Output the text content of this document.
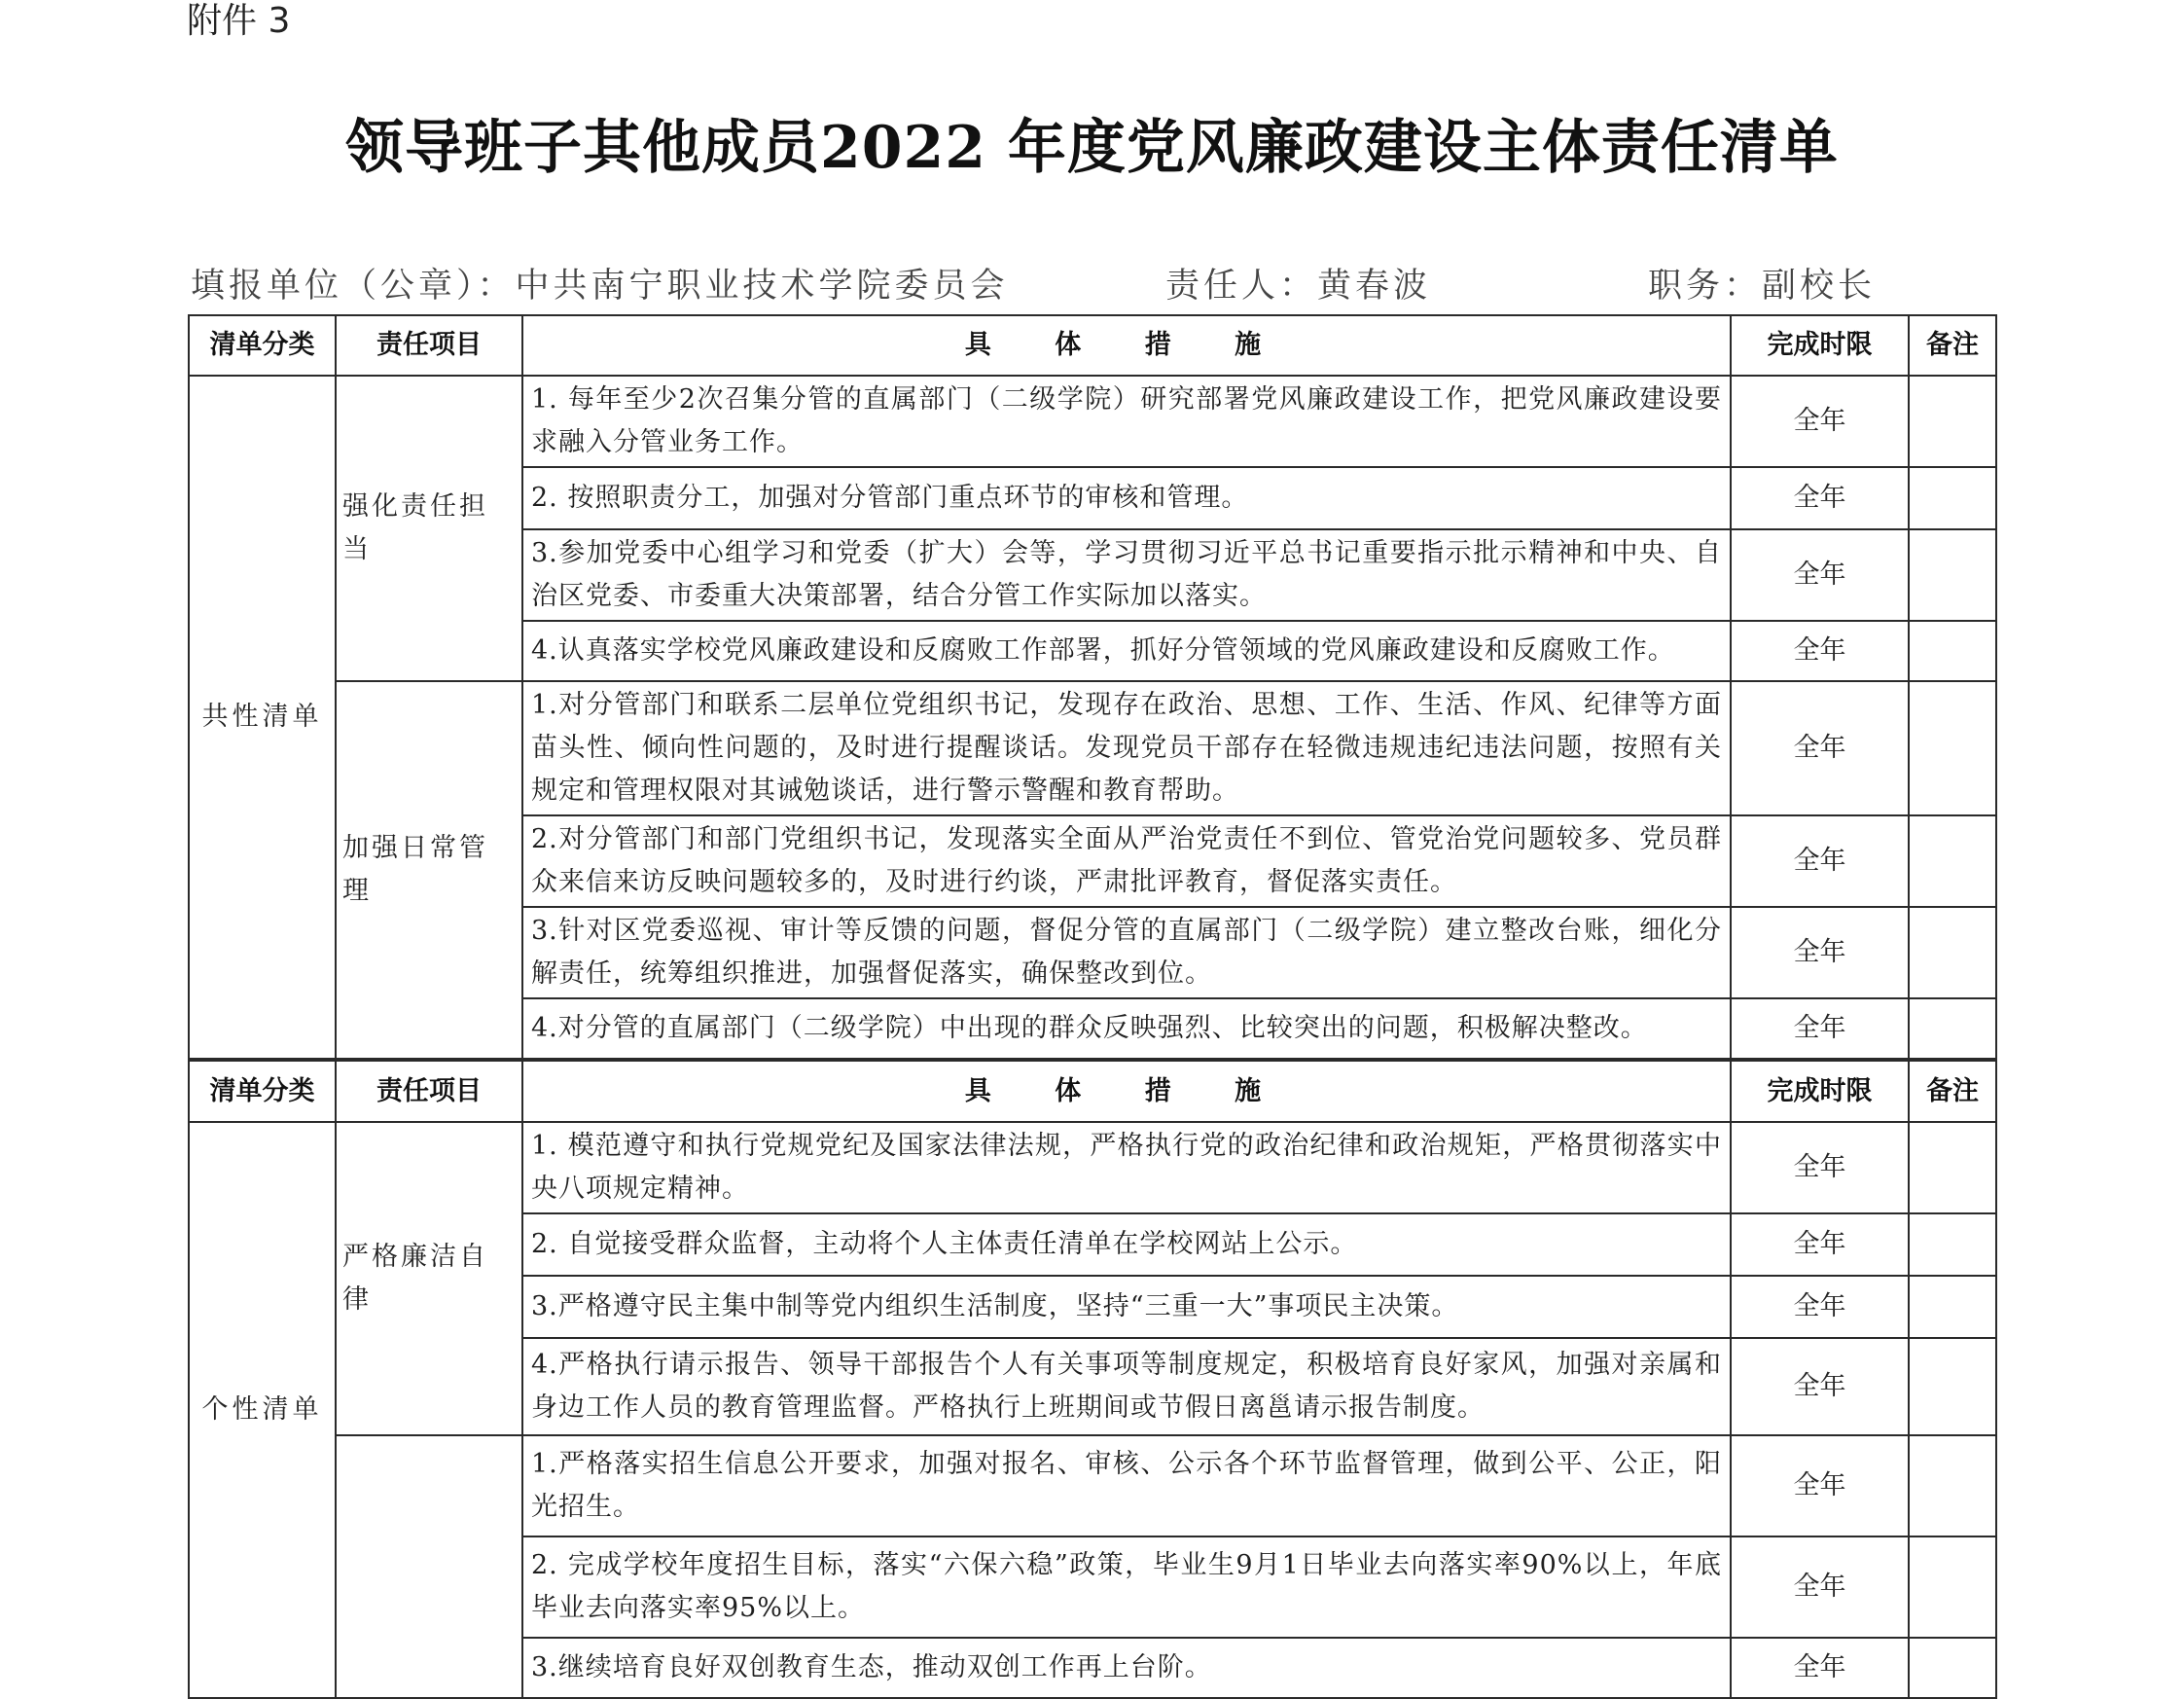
附件 3
领导班子其他成员2022 年度党风廉政建设主体责任清单
填报单位（公章）：中共南宁职业技术学院委员会	责任人：黄春波	职务：副校长
清单分类	责任项目	具 体 措 施	完成时限	备注
共性清单	强化责任担当	1. 每年至少2次召集分管的直属部门（二级学院）研究部署党风廉政建设工作，把党风廉政建设要求融入分管业务工作。	全年	
		2. 按照职责分工，加强对分管部门重点环节的审核和管理。	全年	
		3.参加党委中心组学习和党委（扩大）会等，学习贯彻习近平总书记重要指示批示精神和中央、自治区党委、市委重大决策部署，结合分管工作实际加以落实。	全年	
		4.认真落实学校党风廉政建设和反腐败工作部署，抓好分管领域的党风廉政建设和反腐败工作。	全年	
	加强日常管理	1.对分管部门和联系二层单位党组织书记，发现存在政治、思想、工作、生活、作风、纪律等方面苗头性、倾向性问题的，及时进行提醒谈话。发现党员干部存在轻微违规违纪违法问题，按照有关规定和管理权限对其诫勉谈话，进行警示警醒和教育帮助。	全年	
		2.对分管部门和部门党组织书记，发现落实全面从严治党责任不到位、管党治党问题较多、党员群众来信来访反映问题较多的，及时进行约谈，严肃批评教育，督促落实责任。	全年	
		3.针对区党委巡视、审计等反馈的问题，督促分管的直属部门（二级学院）建立整改台账，细化分解责任，统筹组织推进，加强督促落实，确保整改到位。	全年	
		4.对分管的直属部门（二级学院）中出现的群众反映强烈、比较突出的问题，积极解决整改。	全年	
清单分类	责任项目	具 体 措 施	完成时限	备注
个性清单	严格廉洁自律	1. 模范遵守和执行党规党纪及国家法律法规，严格执行党的政治纪律和政治规矩，严格贯彻落实中央八项规定精神。	全年	
		2. 自觉接受群众监督，主动将个人主体责任清单在学校网站上公示。	全年	
		3.严格遵守民主集中制等党内组织生活制度，坚持“三重一大”事项民主决策。	全年	
		4.严格执行请示报告、领导干部报告个人有关事项等制度规定，积极培育良好家风，加强对亲属和身边工作人员的教育管理监督。严格执行上班期间或节假日离邕请示报告制度。	全年	
		1.严格落实招生信息公开要求，加强对报名、审核、公示各个环节监督管理，做到公平、公正，阳光招生。	全年	
		2. 完成学校年度招生目标，落实“六保六稳”政策，毕业生9月1日毕业去向落实率90%以上，年底毕业去向落实率95%以上。	全年	
		3.继续培育良好双创教育生态，推动双创工作再上台阶。	全年	
